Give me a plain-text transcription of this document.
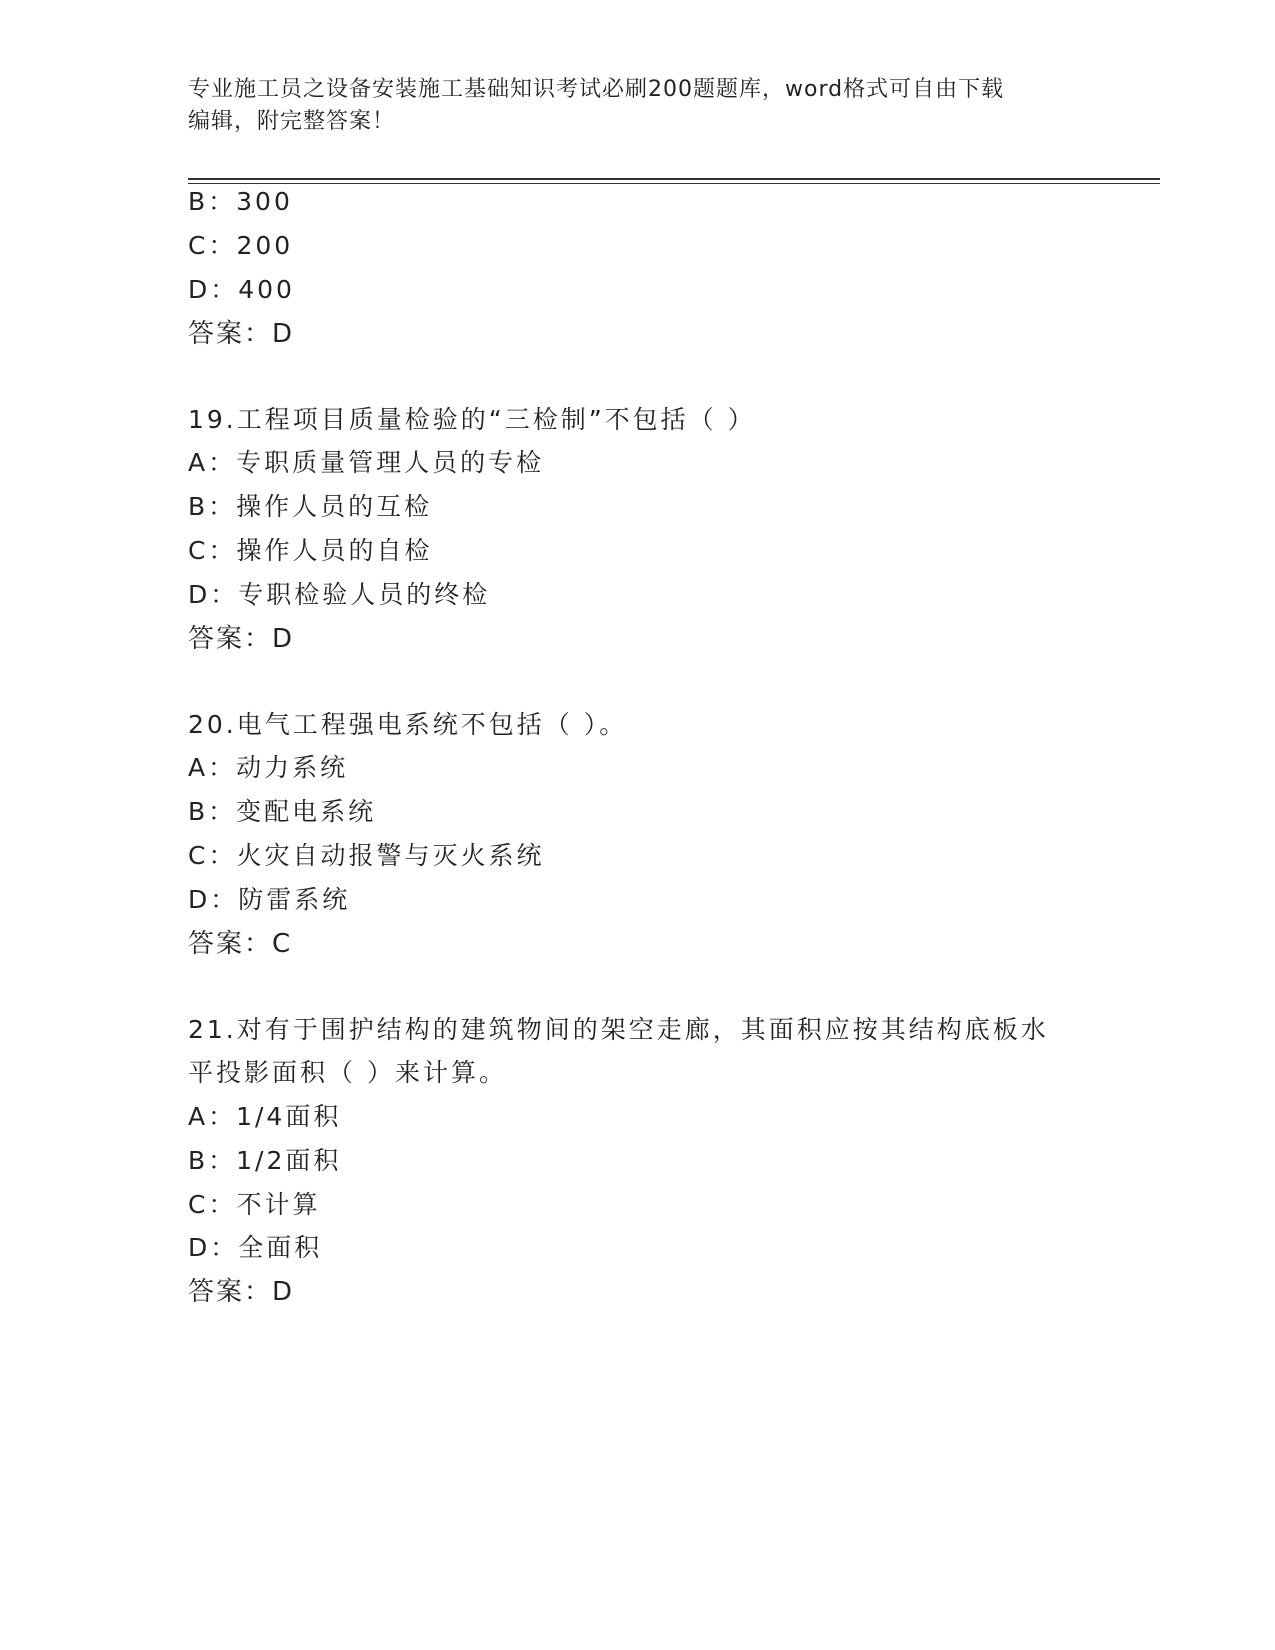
专业施工员之设备安装施工基础知识考试必刷200题题库，word格式可自由下载
编辑，附完整答案！
B：300
C：200
D：400
答案：D
19.工程项目质量检验的“三检制”不包括（ ）
A：专职质量管理人员的专检
B：操作人员的互检
C：操作人员的自检
D：专职检验人员的终检
答案：D
20.电气工程强电系统不包括（ ）。
A：动力系统
B：变配电系统
C：火灾自动报警与灭火系统
D：防雷系统
答案：C
21.对有于围护结构的建筑物间的架空走廊，其面积应按其结构底板水
平投影面积（ ）来计算。
A：1/4面积
B：1/2面积
C：不计算
D：全面积
答案：D
